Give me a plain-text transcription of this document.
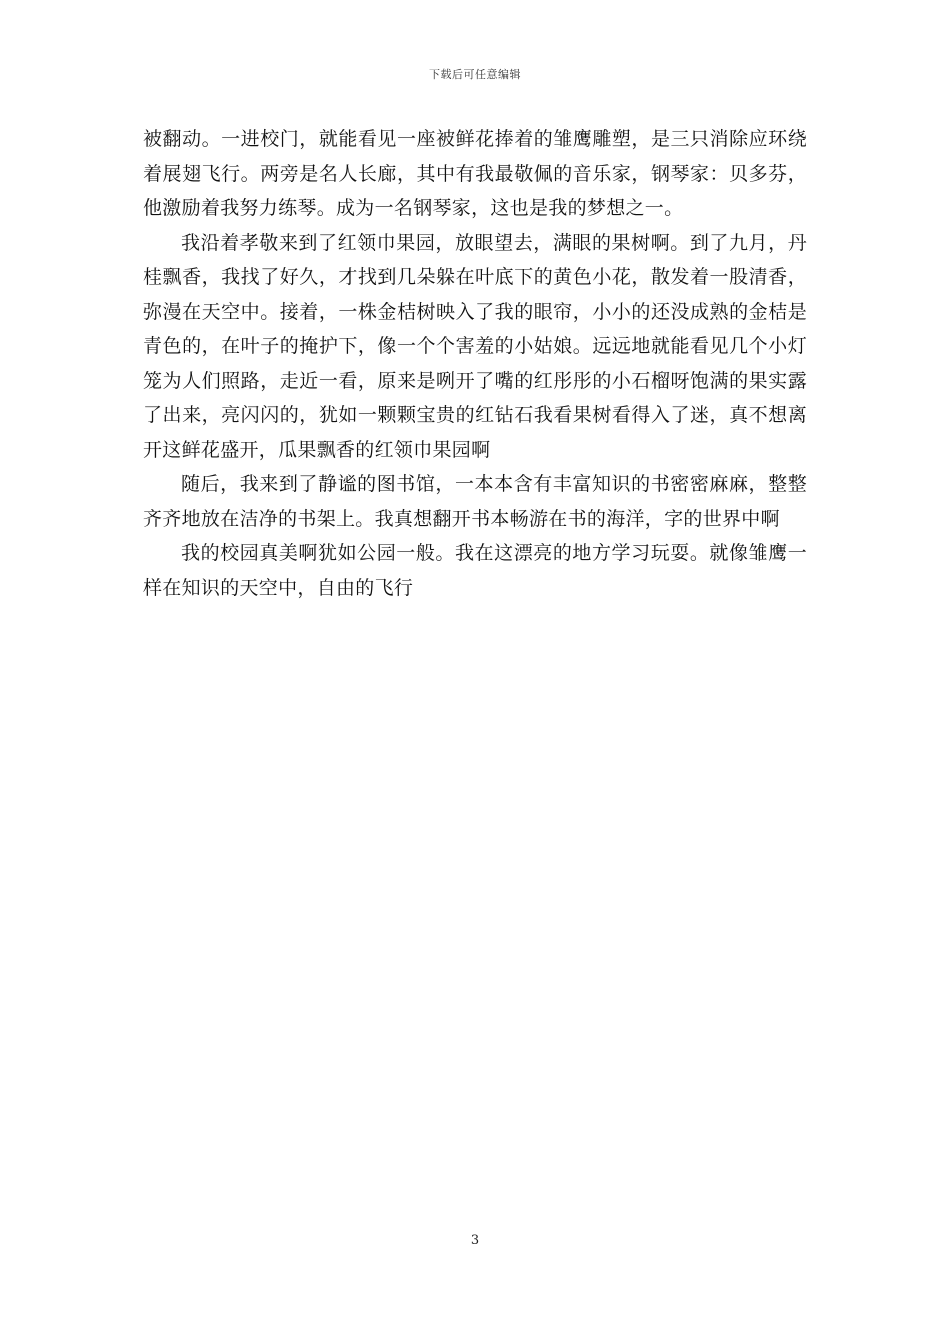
下载后可任意编辑

被翻动。一进校门，就能看见一座被鲜花捧着的雏鹰雕塑，是三只消除应环绕着展翅飞行。两旁是名人长廊，其中有我最敬佩的音乐家，钢琴家：贝多芬，他激励着我努力练琴。成为一名钢琴家，这也是我的梦想之一。

我沿着孝敬来到了红领巾果园，放眼望去，满眼的果树啊。到了九月，丹桂飘香，我找了好久，才找到几朵躲在叶底下的黄色小花，散发着一股清香，弥漫在天空中。接着，一株金桔树映入了我的眼帘，小小的还没成熟的金桔是青色的，在叶子的掩护下，像一个个害羞的小姑娘。远远地就能看见几个小灯笼为人们照路，走近一看，原来是咧开了嘴的红彤彤的小石榴呀饱满的果实露了出来，亮闪闪的，犹如一颗颗宝贵的红钻石我看果树看得入了迷，真不想离开这鲜花盛开，瓜果飘香的红领巾果园啊

随后，我来到了静谧的图书馆，一本本含有丰富知识的书密密麻麻，整整齐齐地放在洁净的书架上。我真想翻开书本畅游在书的海洋，字的世界中啊

我的校园真美啊犹如公园一般。我在这漂亮的地方学习玩耍。就像雏鹰一样在知识的天空中，自由的飞行

3
